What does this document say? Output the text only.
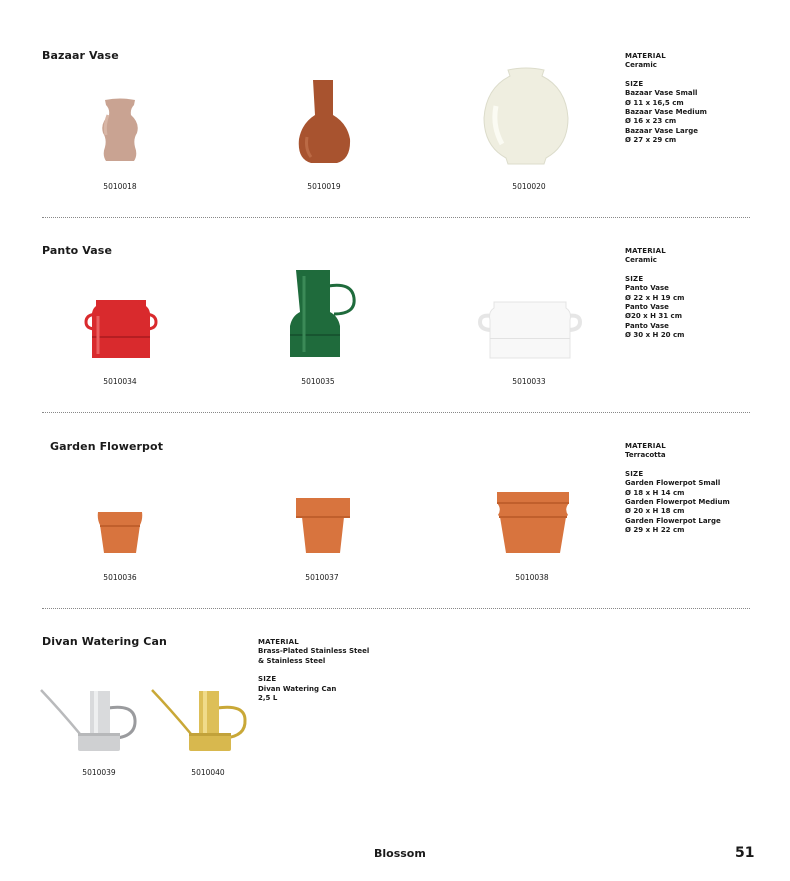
Bazaar Vase
5010018	5010019	5010020
MATERIAL
Ceramic
SIZE
Bazaar Vase Small
Ø 11 x 16,5 cm
Bazaar Vase Medium
Ø 16 x 23 cm
Bazaar Vase Large
Ø 27 x 29 cm
Panto Vase
5010034	5010035	5010033
MATERIAL
Ceramic
SIZE
Panto Vase
Ø 22 x H 19 cm
Panto Vase
Ø20 x H 31 cm
Panto Vase
Ø 30 x H 20 cm
Garden Flowerpot
5010036	5010037	5010038
MATERIAL
Terracotta
SIZE
Garden Flowerpot Small
Ø 18 x H 14 cm
Garden Flowerpot Medium
Ø 20 x H 18 cm
Garden Flowerpot Large
Ø 29 x H 22 cm
Divan Watering Can
5010039	5010040
MATERIAL
Brass-Plated Stainless Steel
& Stainless Steel
SIZE
Divan Watering Can
2,5 L
Blossom	51
